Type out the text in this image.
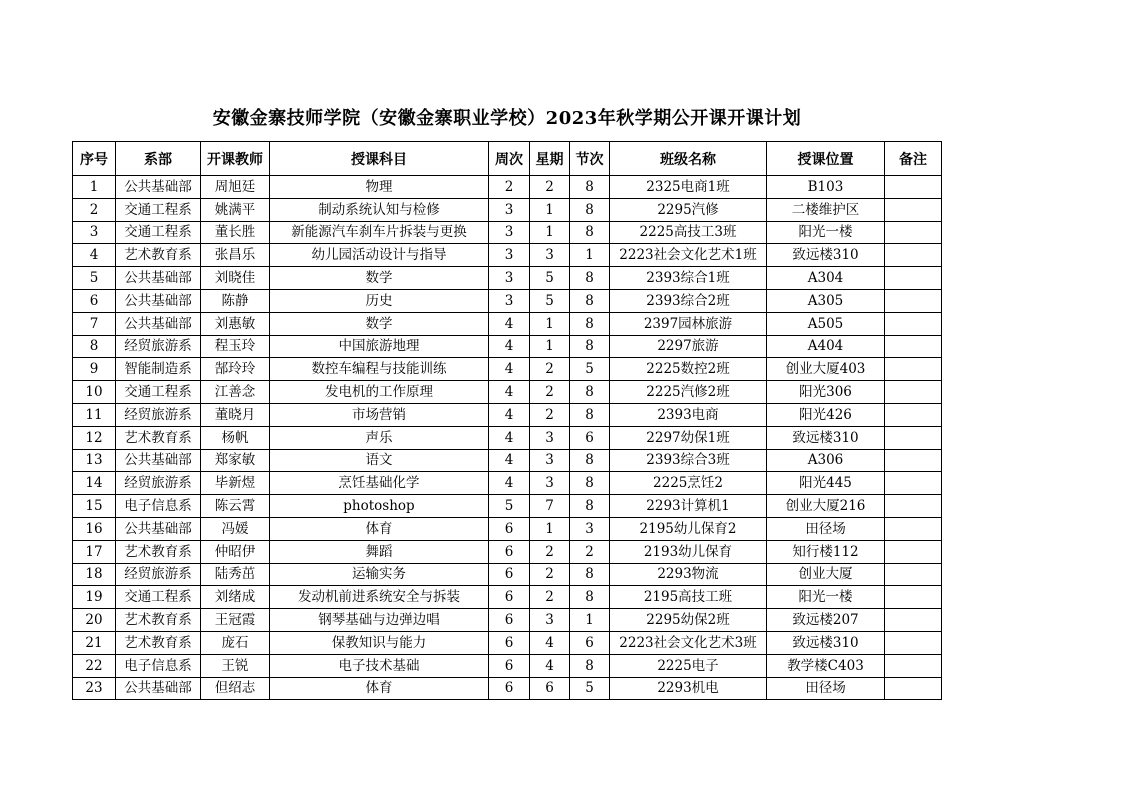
安徽金寨技师学院（安徽金寨职业学校）2023年秋学期公开课开课计划
序号	系部	开课教师	授课科目	周次	星期	节次	班级名称	授课位置	备注
1	公共基础部	周旭廷	物理	2	2	8	2325电商1班	B103	
2	交通工程系	姚满平	制动系统认知与检修	3	1	8	2295汽修	二楼维护区	
3	交通工程系	董长胜	新能源汽车刹车片拆装与更换	3	1	8	2225高技工3班	阳光一楼	
4	艺术教育系	张昌乐	幼儿园活动设计与指导	3	3	1	2223社会文化艺术1班	致远楼310	
5	公共基础部	刘晓佳	数学	3	5	8	2393综合1班	A304	
6	公共基础部	陈静	历史	3	5	8	2393综合2班	A305	
7	公共基础部	刘惠敏	数学	4	1	8	2397园林旅游	A505	
8	经贸旅游系	程玉玲	中国旅游地理	4	1	8	2297旅游	A404	
9	智能制造系	郜玲玲	数控车编程与技能训练	4	2	5	2225数控2班	创业大厦403	
10	交通工程系	江善念	发电机的工作原理	4	2	8	2225汽修2班	阳光306	
11	经贸旅游系	董晓月	市场营销	4	2	8	2393电商	阳光426	
12	艺术教育系	杨帆	声乐	4	3	6	2297幼保1班	致远楼310	
13	公共基础部	郑家敏	语文	4	3	8	2393综合3班	A306	
14	经贸旅游系	毕新煜	烹饪基础化学	4	3	8	2225烹饪2	阳光445	
15	电子信息系	陈云霄	photoshop	5	7	8	2293计算机1	创业大厦216	
16	公共基础部	冯媛	体育	6	1	3	2195幼儿保育2	田径场	
17	艺术教育系	仲昭伊	舞蹈	6	2	2	2193幼儿保育	知行楼112	
18	经贸旅游系	陆秀茁	运输实务	6	2	8	2293物流	创业大厦	
19	交通工程系	刘绪成	发动机前进系统安全与拆装	6	2	8	2195高技工班	阳光一楼	
20	艺术教育系	王冠霞	钢琴基础与边弹边唱	6	3	1	2295幼保2班	致远楼207	
21	艺术教育系	庞石	保教知识与能力	6	4	6	2223社会文化艺术3班	致远楼310	
22	电子信息系	王锐	电子技术基础	6	4	8	2225电子	教学楼C403	
23	公共基础部	但绍志	体育	6	6	5	2293机电	田径场	
